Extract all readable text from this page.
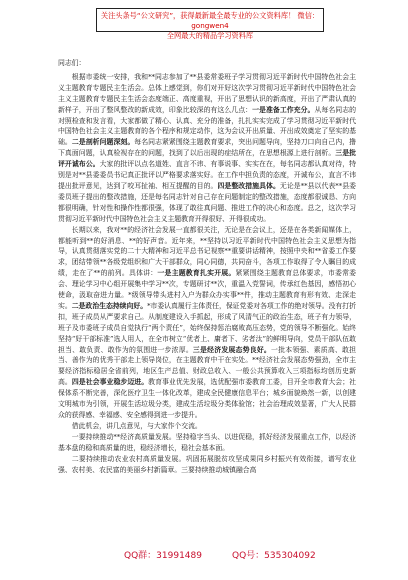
关注头条号“公文研究”，获得最新最全最专业的公文资料库！ 微信：gongwen4
全网最大的精品学习资料库

同志们：

根据市委统一安排，我和**同志参加了**县委常委班子学习贯彻习近平新时代中国特色社会主义主题教育专题民主生活会。总体上感觉到，你们对开好这次学习贯彻习近平新时代中国特色社会主义主题教育专题民主生活会态度端正、高度重视，开出了思想认识的新高度，开出了严肃认真的新样子，开出了整风整改的新成效，印象比较深的有这么几点：一是准备工作充分。从每名同志的对照检查和发言看，大家都做了精心、认真、充分的准备，扎扎实实完成了学习贯彻习近平新时代中国特色社会主义主题教育的各个程序和规定动作，这为会议开出质量、开出成效奠定了坚实的基础。二是剖析问题深刻。每名同志紧紧围绕主题教育要求，突出问题导向，坚持刀口向自己内，撸下真面问题，认真检视存在的问题，找到了以后出现的症结所在，在思想根源上进行剖析。三是批评开诚布公。大家的批评以点名道姓、直言不讳、有事说事、实实在在，每名同志都认真对待，特别是对**县委委员书记真正批评以严格要求落实好。在工作中担负责的态度，开诚布公，直言不讳提出批评意见，达到了咬耳扯袖、相互提醒的目的。四是整改措施具体。无论是**县以代表**县委委员班子提出的整改措施，还是每名同志针对自己存在问题制定的整改措施，态度都很诚恳、方向都很明确，针对性和操作性都很强，体现了敢往真问题、推进工作的决心和态度。总之，这次学习贯彻习近平新时代中国特色社会主义主题教育开得很好、开得很成功。

长期以来，我对**的经济社会发展一直都很关注，无论是在会议上，还是在各类新闻媒体上，都能听到**的好消息、**的好声音。近年来，**坚持以习近平新时代中国特色社会主义思想为指导，认真贯彻落实党的二十大精神和习近平总书记视察**重要讲话精神，按照中央和**省委工作要求，团结带领**各级党组织和广大干部群众，同心同德，共同奋斗，各项工作取得了令人瞩目的成绩，走在了**的前列。具体讲：一是主题教育扎实开展。紧紧围绕主题教育总体要求，市委常委会、理论学习中心组开展集中学习**次，专题研讨**次，重温入党誓词，传承红色基因，感悟初心使命，汲取奋进力量。*级领导带头进村入户为群众办实事**件，推动主题教育有形有效、走深走实。二是政治生态持续向好。*市委认真履行主体责任，保证党委对各项工作的绝对领导。没有打折扣，班子成员从严要求自己。从制度建设入手抓起，形成了风清气正的政治生态，班子有力领导，班子及市委班子成员自觉执行“两个责任”，始终保持惩治腐败高压态势，党的领导不断强化。始终坚持“好干部标准”选人用人，在全市树立“优者上、庸者下、劣者汰”的鲜明导向，党员干部队伍敢担当、敢负责、敢作为的氛围进一步浓厚。三是经济发展态势良好。一批本领强、素质高、敢担当、善作为的优秀干部走上领导岗位，在主题教育中干在实处。**经济社会发展态势强劲，全市主要经济指标稳居全省前列，地区生产总值、财政总收入、一般公共预算收入三项指标均创历史新高。四是社会事业稳步迈进。教育事业优先发展，选优配强市委教育工委，目开全市教育大会；社保体系不断完善，深化医疗卫生一体化改革，建成全民健康信息平台；城乡面貌焕然一新，以创建文明城市为引领，开展生活垃圾分类，建成生活垃圾分类体验馆；社会治理成效显著，广大人民群众的获得感、幸福感、安全感得到进一步提升。

借此机会，讲几点意见，与大家作个交流。

一要持续推动**经济高质量发展。坚持稳字当头、以进促稳，抓好经济发展重点工作，以经济基本盘的稳和高质量的进，稳经济增长，稳社会基本面。

二要持续推动农业农村高质量发展。巩固拓展脱贫攻坚成果同乡村振兴有效衔接，谱写农业强、农村美、农民富的美丽乡村新篇章。三要持续推动城镇融合高

QQ群：31991489	QQ号：535304092
